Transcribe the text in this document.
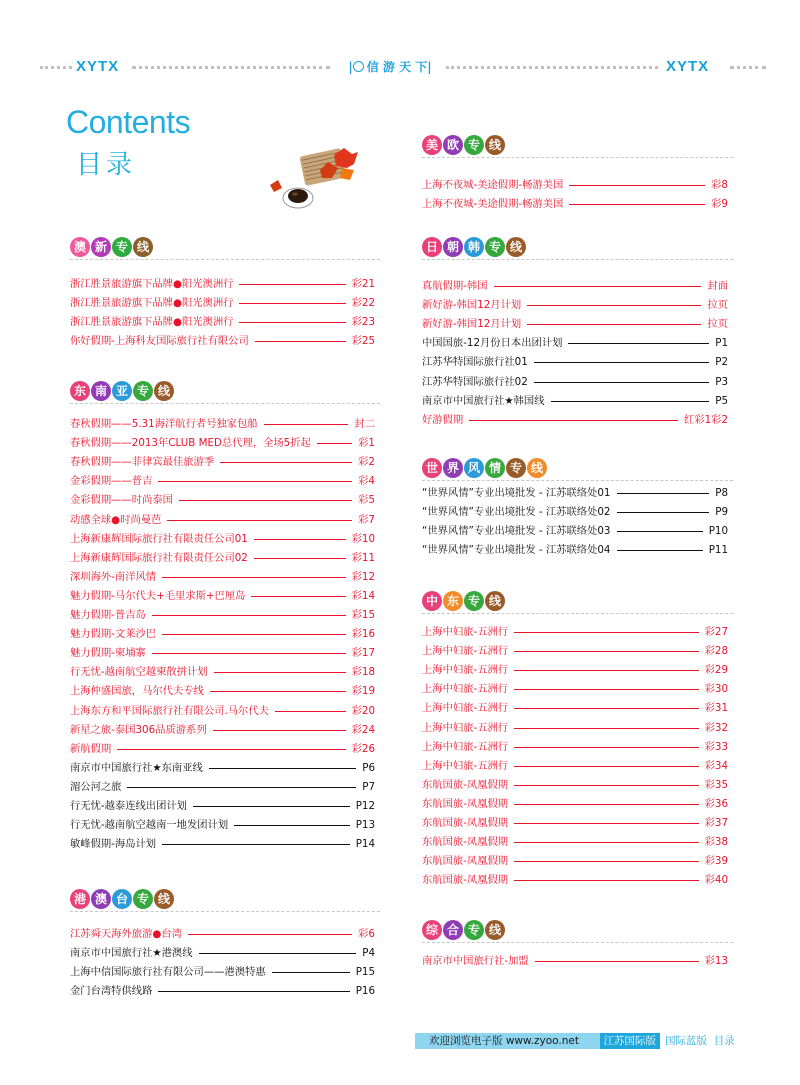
XYTX	| 信 游 天 下|	XYTX
Contents
目录
澳 新 专 线
浙江胜景旅游旗下品牌●阳光澳洲行	彩21
浙江胜景旅游旗下品牌●阳光澳洲行	彩22
浙江胜景旅游旗下品牌●阳光澳洲行	彩23
你好假期-上海科友国际旅行社有限公司	彩25
东 南 亚 专 线
春秋假期——5.31海洋航行者号独家包船	封二
春秋假期——2013年CLUB MED总代理，全场5折起	彩1
春秋假期——菲律宾最佳旅游季	彩2
金彩假期——普吉	彩4
金彩假期——时尚泰国	彩5
动感全球●时尚曼芭	彩7
上海新康辉国际旅行社有限责任公司01	彩10
上海新康辉国际旅行社有限责任公司02	彩11
深圳海外-南洋风情	彩12
魅力假期-马尔代夫+毛里求斯+巴厘岛	彩14
魅力假期-普吉岛	彩15
魅力假期-文莱沙巴	彩16
魅力假期-柬埔寨	彩17
行无忧-越南航空越柬散拼计划	彩18
上海仲盛国旅，马尔代夫专线	彩19
上海东方和平国际旅行社有限公司.马尔代夫	彩20
新星之旅-泰国306品质游系列	彩24
新航假期	彩26
南京市中国旅行社★东南亚线	P6
湄公河之旅	P7
行无忧-越泰连线出团计划	P12
行无忧-越南航空越南一地发团计划	P13
敏峰假期-海岛计划	P14
港 澳 台 专 线
江苏舜天海外旅游●台湾	彩6
南京市中国旅行社★港澳线	P4
上海中信国际旅行社有限公司——港澳特惠	P15
金门台湾特供线路	P16
美 欧 专 线
上海不夜城-美途假期-畅游美国	彩8
上海不夜城-美途假期-畅游美国	彩9
日 朝 韩 专 线
真航假期-韩国	封面
新好游-韩国12月计划	拉页
新好游-韩国12月计划	拉页
中国国旅-12月份日本出团计划	P1
江苏华特国际旅行社01	P2
江苏华特国际旅行社02	P3
南京市中国旅行社★韩国线	P5
好游假期	红彩1彩2
世 界 风 情 专 线
“世界风情”专业出境批发 - 江苏联络处01	P8
“世界风情”专业出境批发 - 江苏联络处02	P9
“世界风情”专业出境批发 - 江苏联络处03	P10
“世界风情”专业出境批发 - 江苏联络处04	P11
中 东 专 线
上海中妇旅-五洲行	彩27
上海中妇旅-五洲行	彩28
上海中妇旅-五洲行	彩29
上海中妇旅-五洲行	彩30
上海中妇旅-五洲行	彩31
上海中妇旅-五洲行	彩32
上海中妇旅-五洲行	彩33
上海中妇旅-五洲行	彩34
东航国旅-凤凰假期	彩35
东航国旅-凤凰假期	彩36
东航国旅-凤凰假期	彩37
东航国旅-凤凰假期	彩38
东航国旅-凤凰假期	彩39
东航国旅-凤凰假期	彩40
综 合 专 线
南京市中国旅行社-加盟	彩13
欢迎浏览电子版 www.zyoo.net	江苏国际版 国际蓝版 目录
